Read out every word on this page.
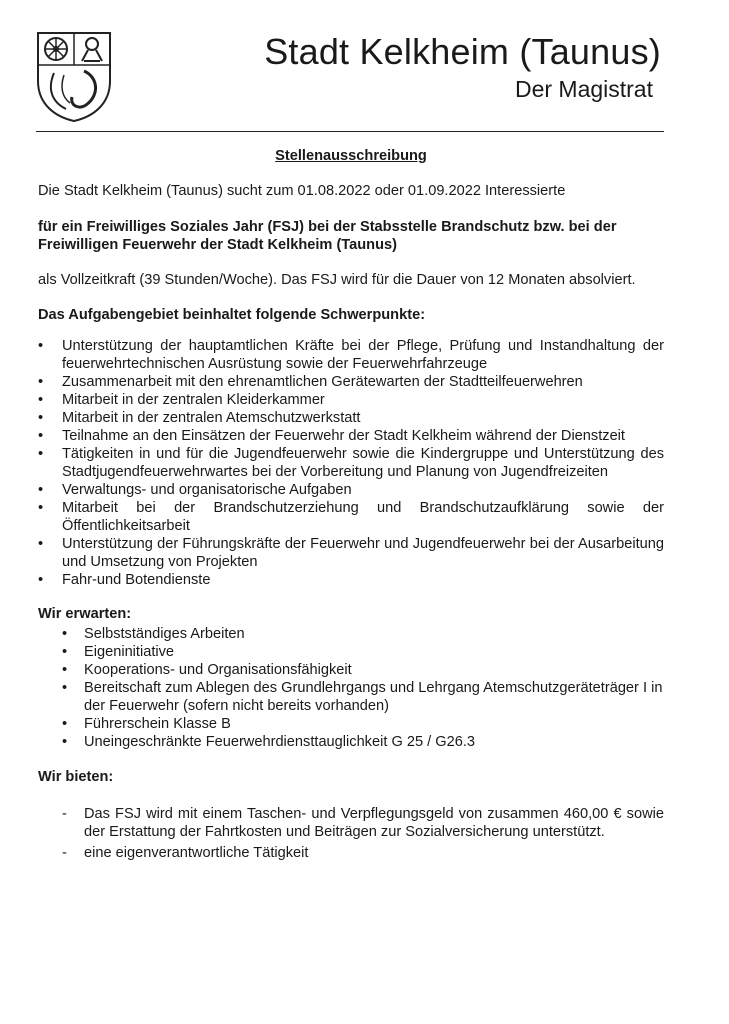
Stadt Kelkheim (Taunus)
Der Magistrat
Stellenausschreibung

Die Stadt Kelkheim (Taunus) sucht zum 01.08.2022 oder 01.09.2022 Interessierte

für ein Freiwilliges Soziales Jahr (FSJ) bei der Stabsstelle Brandschutz bzw. bei der Freiwilligen Feuerwehr der Stadt Kelkheim (Taunus)

als Vollzeitkraft (39 Stunden/Woche). Das FSJ wird für die Dauer von 12 Monaten absolviert.

Das Aufgabengebiet beinhaltet folgende Schwerpunkte:
• Unterstützung der hauptamtlichen Kräfte bei der Pflege, Prüfung und Instandhaltung der feuerwehrtechnischen Ausrüstung sowie der Feuerwehrfahrzeuge
• Zusammenarbeit mit den ehrenamtlichen Gerätewarten der Stadtteilfeuerwehren
• Mitarbeit in der zentralen Kleiderkammer
• Mitarbeit in der zentralen Atemschutzwerkstatt
• Teilnahme an den Einsätzen der Feuerwehr der Stadt Kelkheim während der Dienstzeit
• Tätigkeiten in und für die Jugendfeuerwehr sowie die Kindergruppe und Unterstützung des Stadtjugendfeuerwehrwartes bei der Vorbereitung und Planung von Jugendfreizeiten
• Verwaltungs- und organisatorische Aufgaben
• Mitarbeit bei der Brandschutzerziehung und Brandschutzaufklärung sowie der Öffentlichkeitsarbeit
• Unterstützung der Führungskräfte der Feuerwehr und Jugendfeuerwehr bei der Ausarbeitung und Umsetzung von Projekten
• Fahr-und Botendienste
Wir erwarten:
• Selbstständiges Arbeiten
• Eigeninitiative
• Kooperations- und Organisationsfähigkeit
• Bereitschaft zum Ablegen des Grundlehrgangs und Lehrgang Atemschutzgeräteträger I in der Feuerwehr (sofern nicht bereits vorhanden)
• Führerschein Klasse B
• Uneingeschränkte Feuerwehrdiensttauglichkeit G 25 / G26.3
Wir bieten:
- Das FSJ wird mit einem Taschen- und Verpflegungsgeld von zusammen 460,00 € sowie der Erstattung der Fahrtkosten und Beiträgen zur Sozialversicherung unterstützt.
- eine eigenverantwortliche Tätigkeit
